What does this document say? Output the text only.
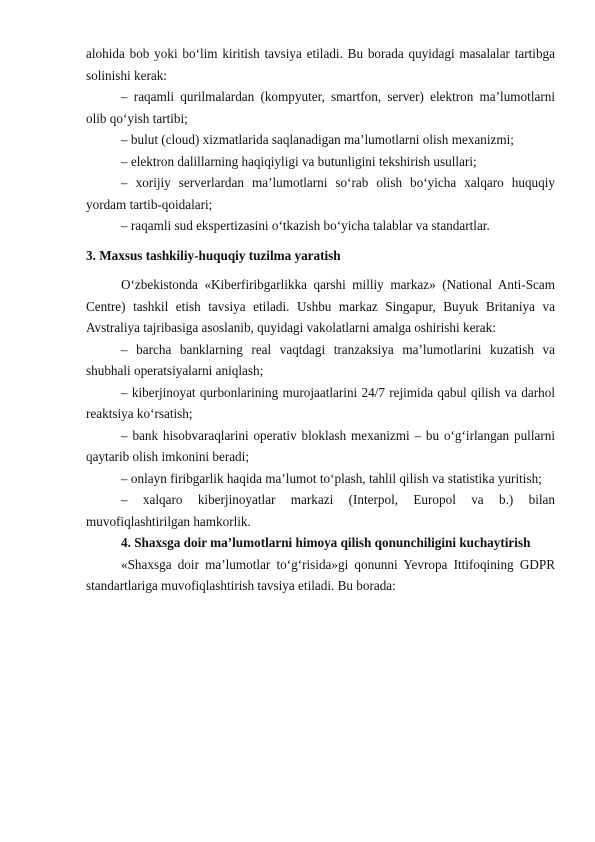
alohida bob yoki bo‘lim kiritish tavsiya etiladi. Bu borada quyidagi masalalar tartibga solinishi kerak:

– raqamli qurilmalardan (kompyuter, smartfon, server) elektron ma’lumotlarni olib qo‘yish tartibi;

– bulut (cloud) xizmatlarida saqlanadigan ma’lumotlarni olish mexanizmi;

– elektron dalillarning haqiqiyligi va butunligini tekshirish usullari;

– xorijiy serverlardan ma’lumotlarni so‘rab olish bo‘yicha xalqaro huquqiy yordam tartib-qoidalari;

– raqamli sud ekspertizasini o‘tkazish bo‘yicha talablar va standartlar.

3. Maxsus tashkiliy-huquqiy tuzilma yaratish

O‘zbekistonda «Kiberfiribgarlikka qarshi milliy markaz» (National Anti-Scam Centre) tashkil etish tavsiya etiladi. Ushbu markaz Singapur, Buyuk Britaniya va Avstraliya tajribasiga asoslanib, quyidagi vakolatlarni amalga oshirishi kerak:

– barcha banklarning real vaqtdagi tranzaksiya ma’lumotlarini kuzatish va shubhali operatsiyalarni aniqlash;

– kiberjinoyat qurbonlarining murojaatlarini 24/7 rejimida qabul qilish va darhol reaktsiya ko‘rsatish;

– bank hisobvaraqlarini operativ bloklash mexanizmi – bu o‘g‘irlangan pullarni qaytarib olish imkonini beradi;

– onlayn firibgarlik haqida ma’lumot to‘plash, tahlil qilish va statistika yuritish;

– xalqaro kiberjinoyatlar markazi (Interpol, Europol va b.) bilan muvofiqlashtirilgan hamkorlik.

4. Shaxsga doir ma’lumotlarni himoya qilish qonunchiligini kuchaytirish

«Shaxsga doir ma’lumotlar to‘g‘risida»gi qonunni Yevropa Ittifoqining GDPR standartlariga muvofiqlashtirish tavsiya etiladi. Bu borada:
